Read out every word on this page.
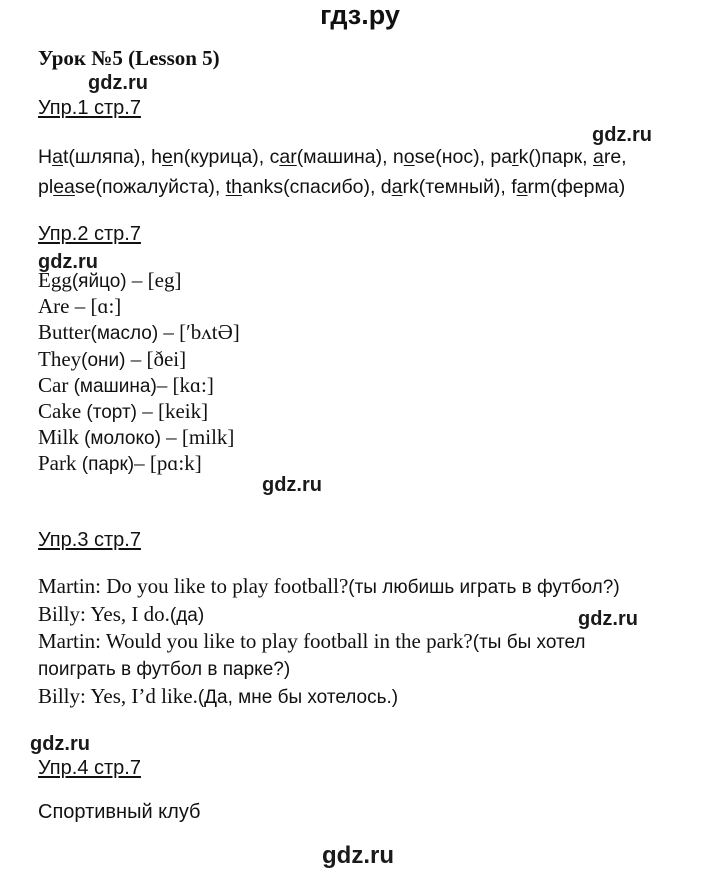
гдз.ру
Урок №5 (Lesson 5)
gdz.ru
gdz.ru
gdz.ru
gdz.ru
gdz.ru
gdz.ru
gdz.ru
Упр.1 стр.7
Hat(шляпа), hen(курица), car(машина), nose(нос), park()парк, are,
please(пожалуйста), thanks(спасибо), dark(темный), farm(ферма)
Упр.2 стр.7
Egg(яйцо) – [eg]
Are – [ɑ:]
Butter(масло) – [ʹbʌtƏ]
They(они) – [ðei]
Car (машина)– [kɑ:]
Cake (торт) – [keik]
Milk (молоко) – [milk]
Park (парк)– [pɑ:k]
Упр.3 стр.7
Martin: Do you like to play football?(ты любишь играть в футбол?)
Billy: Yes, I do.(да)
Martin: Would you like to play football in the park?(ты бы хотел
поиграть в футбол в парке?)
Billy: Yes, I’d like.(Да, мне бы хотелось.)
Упр.4 стр.7
Спортивный клуб
